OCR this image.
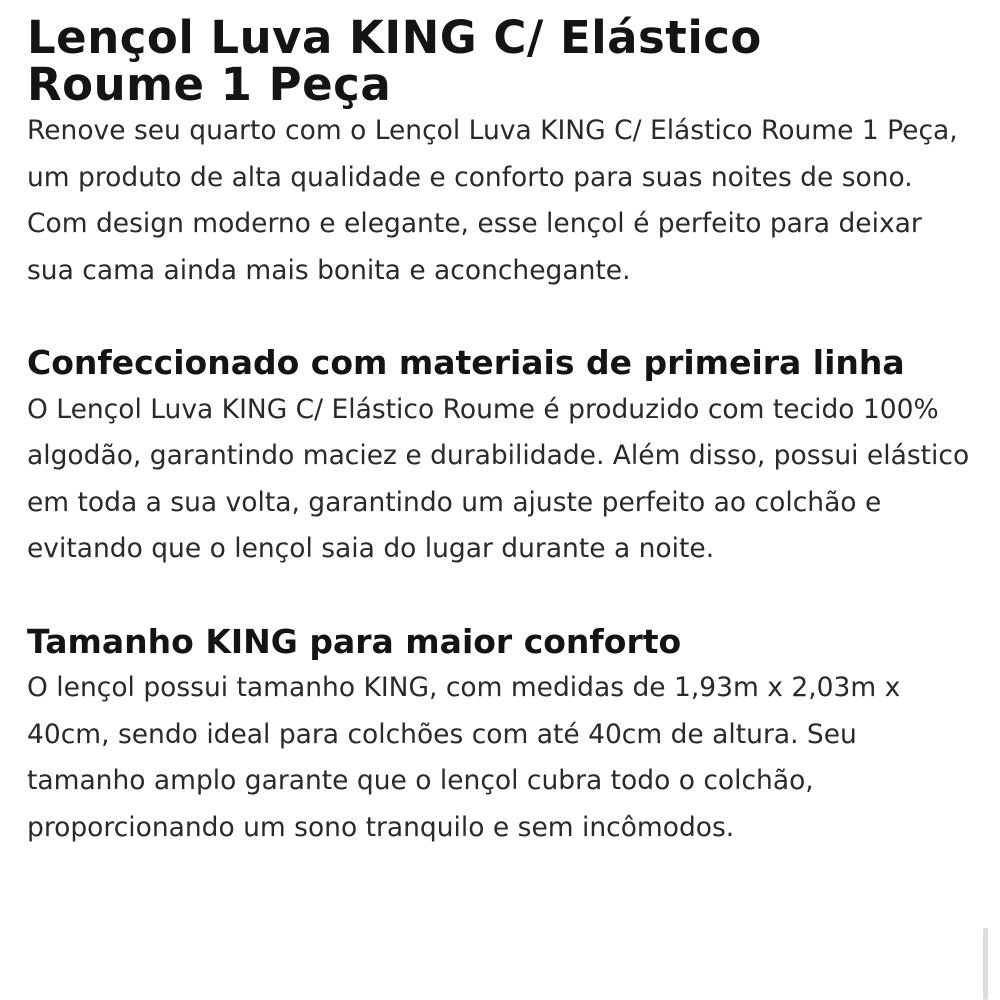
Lençol Luva KING C/ Elástico Roume 1 Peça

Renove seu quarto com o Lençol Luva KING C/ Elástico Roume 1 Peça, um produto de alta qualidade e conforto para suas noites de sono. Com design moderno e elegante, esse lençol é perfeito para deixar sua cama ainda mais bonita e aconchegante.

Confeccionado com materiais de primeira linha

O Lençol Luva KING C/ Elástico Roume é produzido com tecido 100% algodão, garantindo maciez e durabilidade. Além disso, possui elástico em toda a sua volta, garantindo um ajuste perfeito ao colchão e evitando que o lençol saia do lugar durante a noite.

Tamanho KING para maior conforto

O lençol possui tamanho KING, com medidas de 1,93m x 2,03m x 40cm, sendo ideal para colchões com até 40cm de altura. Seu tamanho amplo garante que o lençol cubra todo o colchão, proporcionando um sono tranquilo e sem incômodos.
